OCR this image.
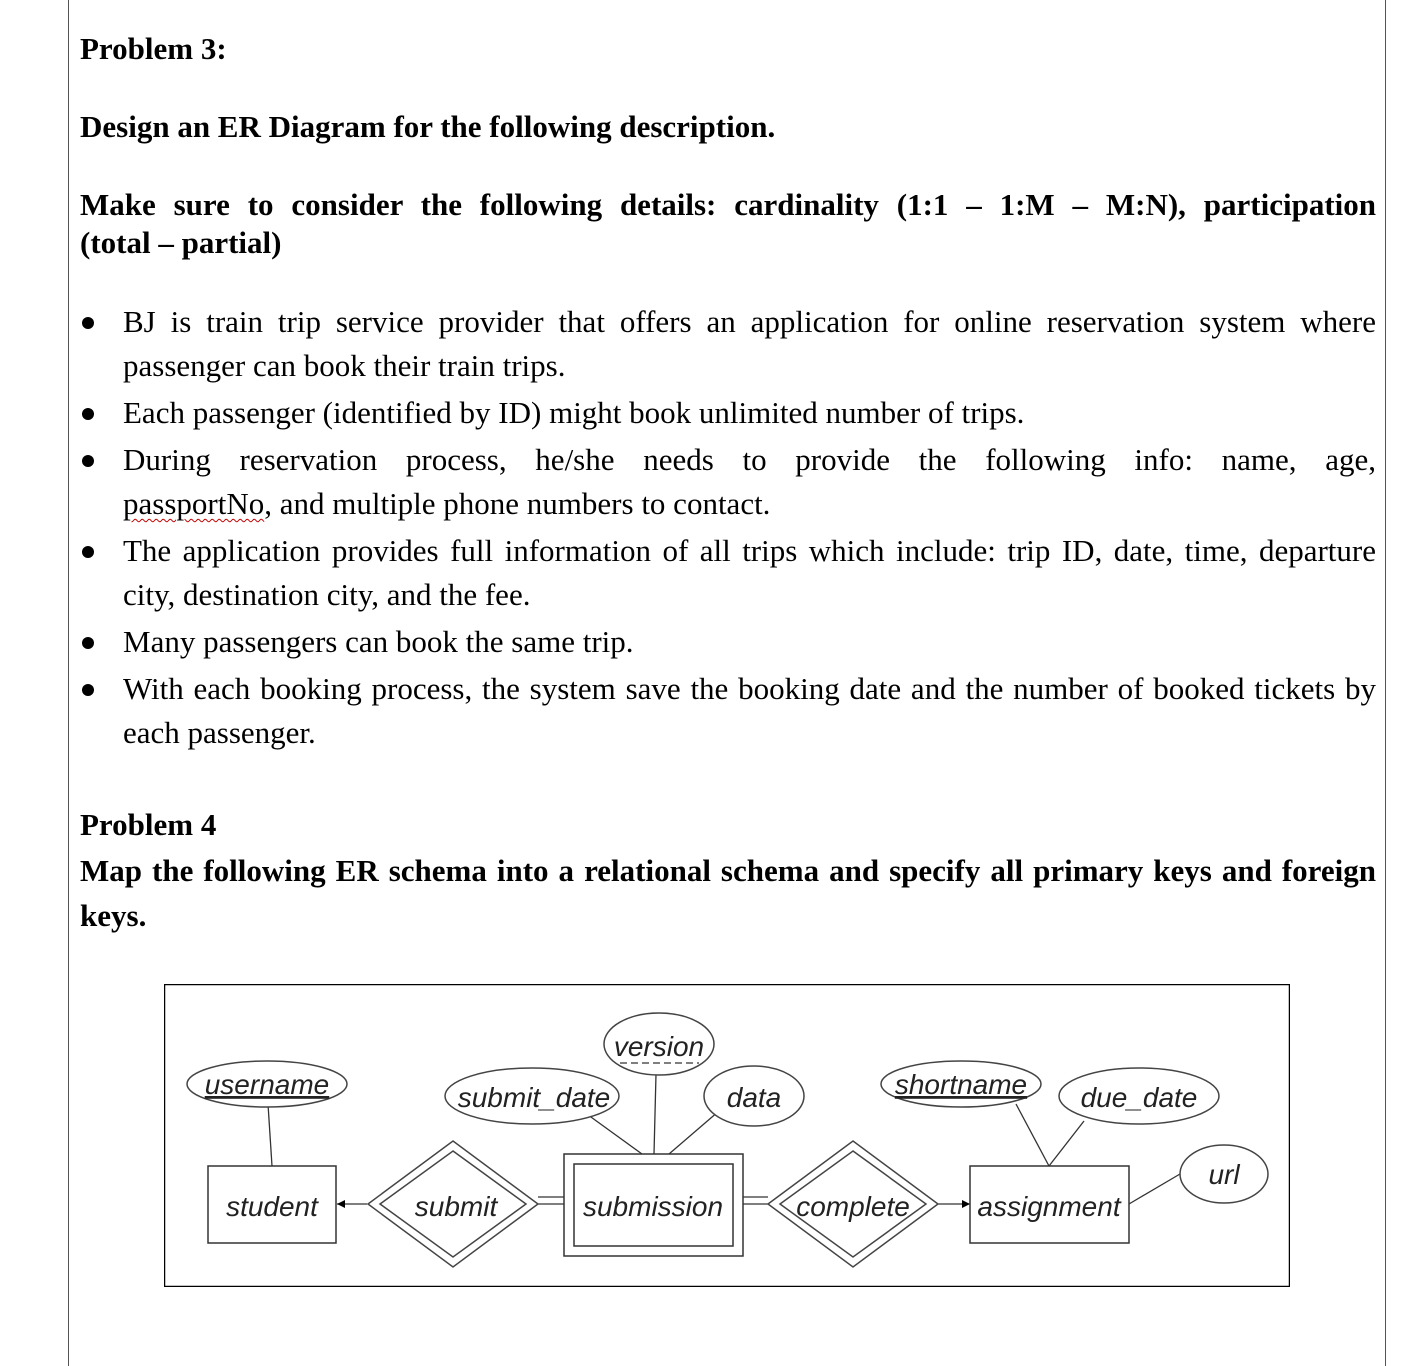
Problem 3:

Design an ER Diagram for the following description.

Make sure to consider the following details: cardinality (1:1 – 1:M – M:N), participation

(total – partial)

BJ is train trip service provider that offers an application for online reservation system where passenger can book their train trips.
Each passenger (identified by ID) might book unlimited number of trips.
During reservation process, he/she needs to provide the following info: name, age,
passportNo, and multiple phone numbers to contact.
The application provides full information of all trips which include: trip ID, date, time, departure city, destination city, and the fee.
Many passengers can book the same trip.
With each booking process, the system save the booking date and the number of booked tickets by each passenger.

Problem 4

Map the following ER schema into a relational schema and specify all primary keys and foreign keys.

username	submit_date
version
data	shortname due_date
url
student	submission	assignment
submit	complete
